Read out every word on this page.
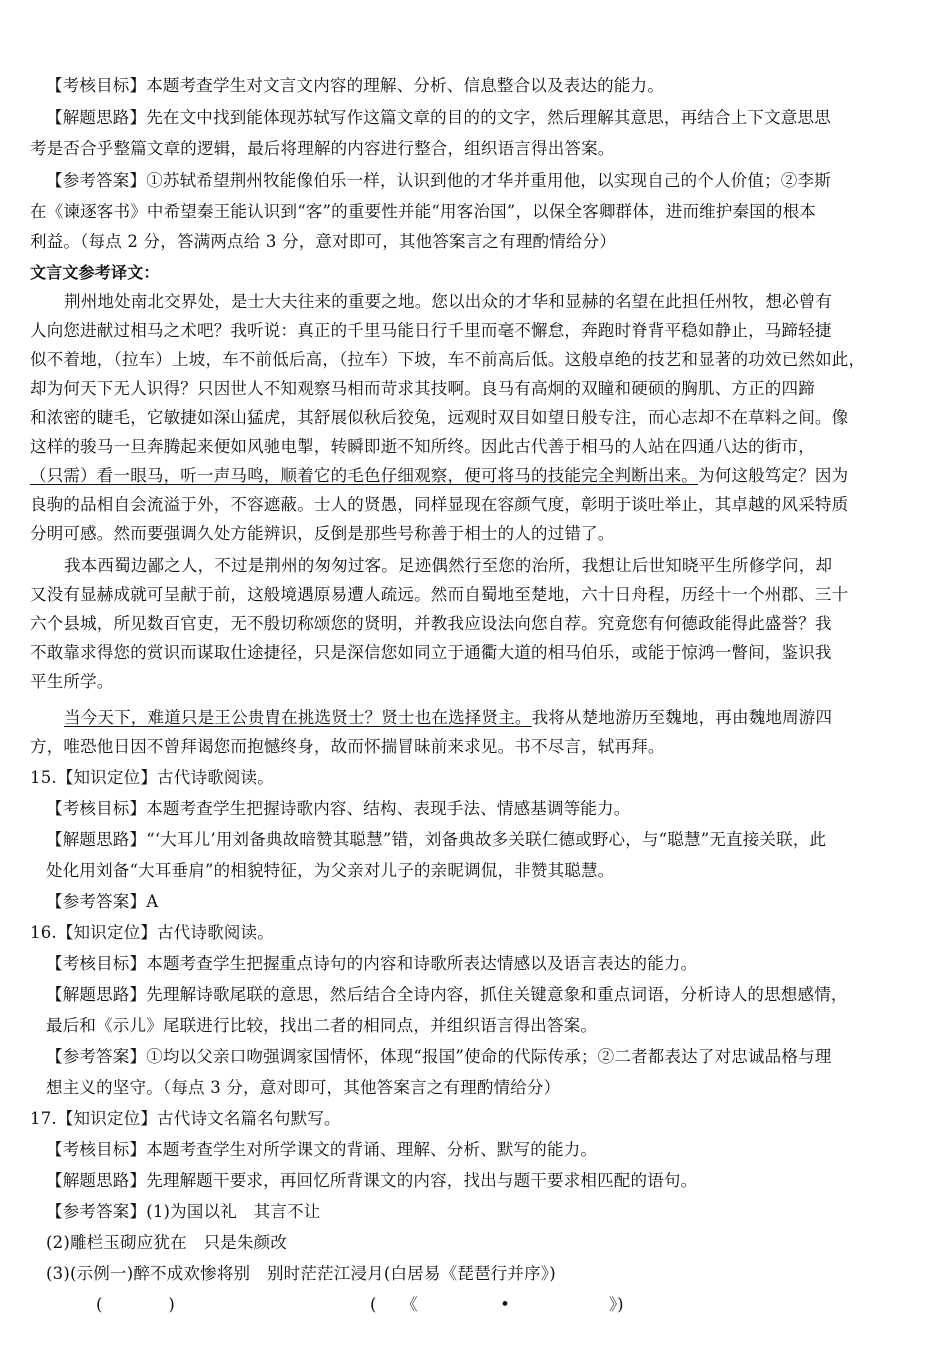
【考核目标】本题考查学生对文言文内容的理解、分析、信息整合以及表达的能力。
【解题思路】先在文中找到能体现苏轼写作这篇文章的目的的文字，然后理解其意思，再结合上下文意思思
考是否合乎整篇文章的逻辑，最后将理解的内容进行整合，组织语言得出答案。
【参考答案】①苏轼希望荆州牧能像伯乐一样，认识到他的才华并重用他，以实现自己的个人价值；②李斯
在《谏逐客书》中希望秦王能认识到“客”的重要性并能“用客治国”，以保全客卿群体，进而维护秦国的根本
利益。（每点 2 分，答满两点给 3 分，意对即可，其他答案言之有理酌情给分）
文言文参考译文：
荆州地处南北交界处，是士大夫往来的重要之地。您以出众的才华和显赫的名望在此担任州牧，想必曾有
人向您进献过相马之术吧？我听说：真正的千里马能日行千里而毫不懈怠，奔跑时脊背平稳如静止，马蹄轻捷
似不着地，（拉车）上坡，车不前低后高，（拉车）下坡，车不前高后低。这般卓绝的技艺和显著的功效已然如此，
却为何天下无人识得？只因世人不知观察马相而苛求其技啊。良马有高炯的双瞳和硬硕的胸肌、方正的四蹄
和浓密的睫毛，它敏捷如深山猛虎，其舒展似秋后狡兔，远观时双目如望日般专注，而心志却不在草料之间。像
这样的骏马一旦奔腾起来便如风驰电掣，转瞬即逝不知所终。因此古代善于相马的人站在四通八达的街市，
（只需）看一眼马，听一声马鸣，顺着它的毛色仔细观察，便可将马的技能完全判断出来。为何这般笃定？因为
良驹的品相自会流溢于外，不容遮蔽。士人的贤愚，同样显现在容颜气度，彰明于谈吐举止，其卓越的风采特质
分明可感。然而要强调久处方能辨识，反倒是那些号称善于相士的人的过错了。
我本西蜀边鄙之人，不过是荆州的匆匆过客。足迹偶然行至您的治所，我想让后世知晓平生所修学问，却
又没有显赫成就可呈献于前，这般境遇原易遭人疏远。然而自蜀地至楚地，六十日舟程，历经十一个州郡、三十
六个县城，所见数百官吏，无不殷切称颂您的贤明，并教我应设法向您自荐。究竟您有何德政能得此盛誉？我
不敢靠求得您的赏识而谋取仕途捷径，只是深信您如同立于通衢大道的相马伯乐，或能于惊鸿一瞥间，鉴识我
平生所学。
当今天下，难道只是王公贵胄在挑选贤士？贤士也在选择贤主。我将从楚地游历至魏地，再由魏地周游四
方，唯恐他日因不曾拜谒您而抱憾终身，故而怀揣冒昧前来求见。书不尽言，轼再拜。
15.【知识定位】古代诗歌阅读。
【考核目标】本题考查学生把握诗歌内容、结构、表现手法、情感基调等能力。
【解题思路】“‘大耳儿’用刘备典故暗赞其聪慧”错，刘备典故多关联仁德或野心，与“聪慧”无直接关联，此
处化用刘备“大耳垂肩”的相貌特征，为父亲对儿子的亲昵调侃，非赞其聪慧。
【参考答案】A
16.【知识定位】古代诗歌阅读。
【考核目标】本题考查学生把握重点诗句的内容和诗歌所表达情感以及语言表达的能力。
【解题思路】先理解诗歌尾联的意思，然后结合全诗内容，抓住关键意象和重点词语，分析诗人的思想感情，
最后和《示儿》尾联进行比较，找出二者的相同点，并组织语言得出答案。
【参考答案】①均以父亲口吻强调家国情怀，体现“报国”使命的代际传承；②二者都表达了对忠诚品格与理
想主义的坚守。（每点 3 分，意对即可，其他答案言之有理酌情给分）
17.【知识定位】古代诗文名篇名句默写。
【考核目标】本题考查学生对所学课文的背诵、理解、分析、默写的能力。
【解题思路】先理解题干要求，再回忆所背课文的内容，找出与题干要求相匹配的语句。
【参考答案】(1)为国以礼　其言不让
(2)雕栏玉砌应犹在　只是朱颜改
(3)(示例一)醉不成欢惨将别　别时茫茫江浸月(白居易《琵琶行并序》)
(　　　　)	(　　《　　　　　•　　　　　　》)
